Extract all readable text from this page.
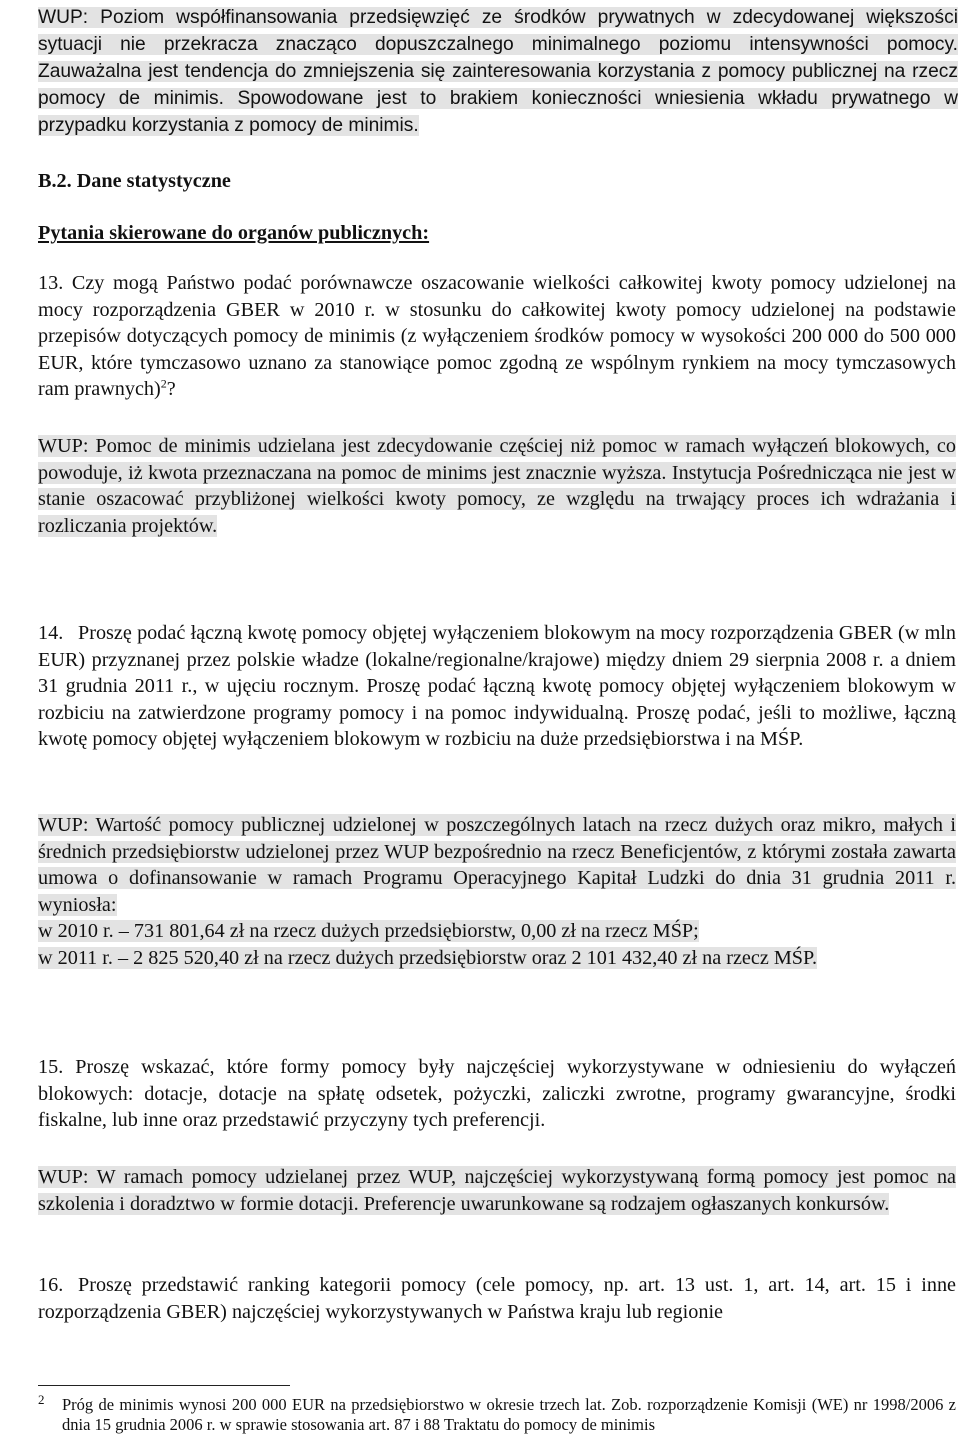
WUP: Poziom współfinansowania przedsięwzięć ze środków prywatnych w zdecydowanej większości sytuacji nie przekracza znacząco dopuszczalnego minimalnego poziomu intensywności pomocy. Zauważalna jest tendencja do zmniejszenia się zainteresowania korzystania z pomocy publicznej na rzecz pomocy de minimis. Spowodowane jest to brakiem konieczności wniesienia wkładu prywatnego w przypadku korzystania z pomocy de minimis.

B.2. Dane statystyczne
Pytania skierowane do organów publicznych:

13. Czy mogą Państwo podać porównawcze oszacowanie wielkości całkowitej kwoty pomocy udzielonej na mocy rozporządzenia GBER w 2010 r. w stosunku do całkowitej kwoty pomocy udzielonej na podstawie przepisów dotyczących pomocy de minimis (z wyłączeniem środków pomocy w wysokości 200 000 do 500 000 EUR, które tymczasowo uznano za stanowiące pomoc zgodną ze wspólnym rynkiem na mocy tymczasowych ram prawnych)$^2$?

WUP: Pomoc de minimis udzielana jest zdecydowanie częściej niż pomoc w ramach wyłączeń blokowych, co powoduje, iż kwota przeznaczana na pomoc de minims jest znacznie wyższa. Instytucja Pośrednicząca nie jest w stanie oszacować przybliżonej wielkości kwoty pomocy, ze względu na trwający proces ich wdrażania i rozliczania projektów.

14. Proszę podać łączną kwotę pomocy objętej wyłączeniem blokowym na mocy rozporządzenia GBER (w mln EUR) przyznanej przez polskie władze (lokalne/regionalne/krajowe) między dniem 29 sierpnia 2008 r. a dniem 31 grudnia 2011 r., w ujęciu rocznym. Proszę podać łączną kwotę pomocy objętej wyłączeniem blokowym w rozbiciu na zatwierdzone programy pomocy i na pomoc indywidualną. Proszę podać, jeśli to możliwe, łączną kwotę pomocy objętej wyłączeniem blokowym w rozbiciu na duże przedsiębiorstwa i na MŚP.

WUP: Wartość pomocy publicznej udzielonej w poszczególnych latach na rzecz dużych oraz mikro, małych i średnich przedsiębiorstw udzielonej przez WUP bezpośrednio na rzecz Beneficjentów, z którymi została zawarta umowa o dofinansowanie w ramach Programu Operacyjnego Kapitał Ludzki do dnia 31 grudnia 2011 r. wyniosła:

w 2010 r. – 731 801,64 zł na rzecz dużych przedsiębiorstw, 0,00 zł na rzecz MŚP;

w 2011 r. – 2 825 520,40 zł na rzecz dużych przedsiębiorstw oraz 2 101 432,40 zł na rzecz MŚP.

15. Proszę wskazać, które formy pomocy były najczęściej wykorzystywane w odniesieniu do wyłączeń blokowych: dotacje, dotacje na spłatę odsetek, pożyczki, zaliczki zwrotne, programy gwarancyjne, środki fiskalne, lub inne oraz przedstawić przyczyny tych preferencji.

WUP: W ramach pomocy udzielanej przez WUP, najczęściej wykorzystywaną formą pomocy jest pomoc na szkolenia i doradztwo w formie dotacji. Preferencje uwarunkowane są rodzajem ogłaszanych konkursów.

16. Proszę przedstawić ranking kategorii pomocy (cele pomocy, np. art. 13 ust. 1, art. 14, art. 15 i inne rozporządzenia GBER) najczęściej wykorzystywanych w Państwa kraju lub regionie

2 Próg de minimis wynosi 200 000 EUR na przedsiębiorstwo w okresie trzech lat. Zob. rozporządzenie Komisji (WE) nr 1998/2006 z dnia 15 grudnia 2006 r. w sprawie stosowania art. 87 i 88 Traktatu do pomocy de minimis
